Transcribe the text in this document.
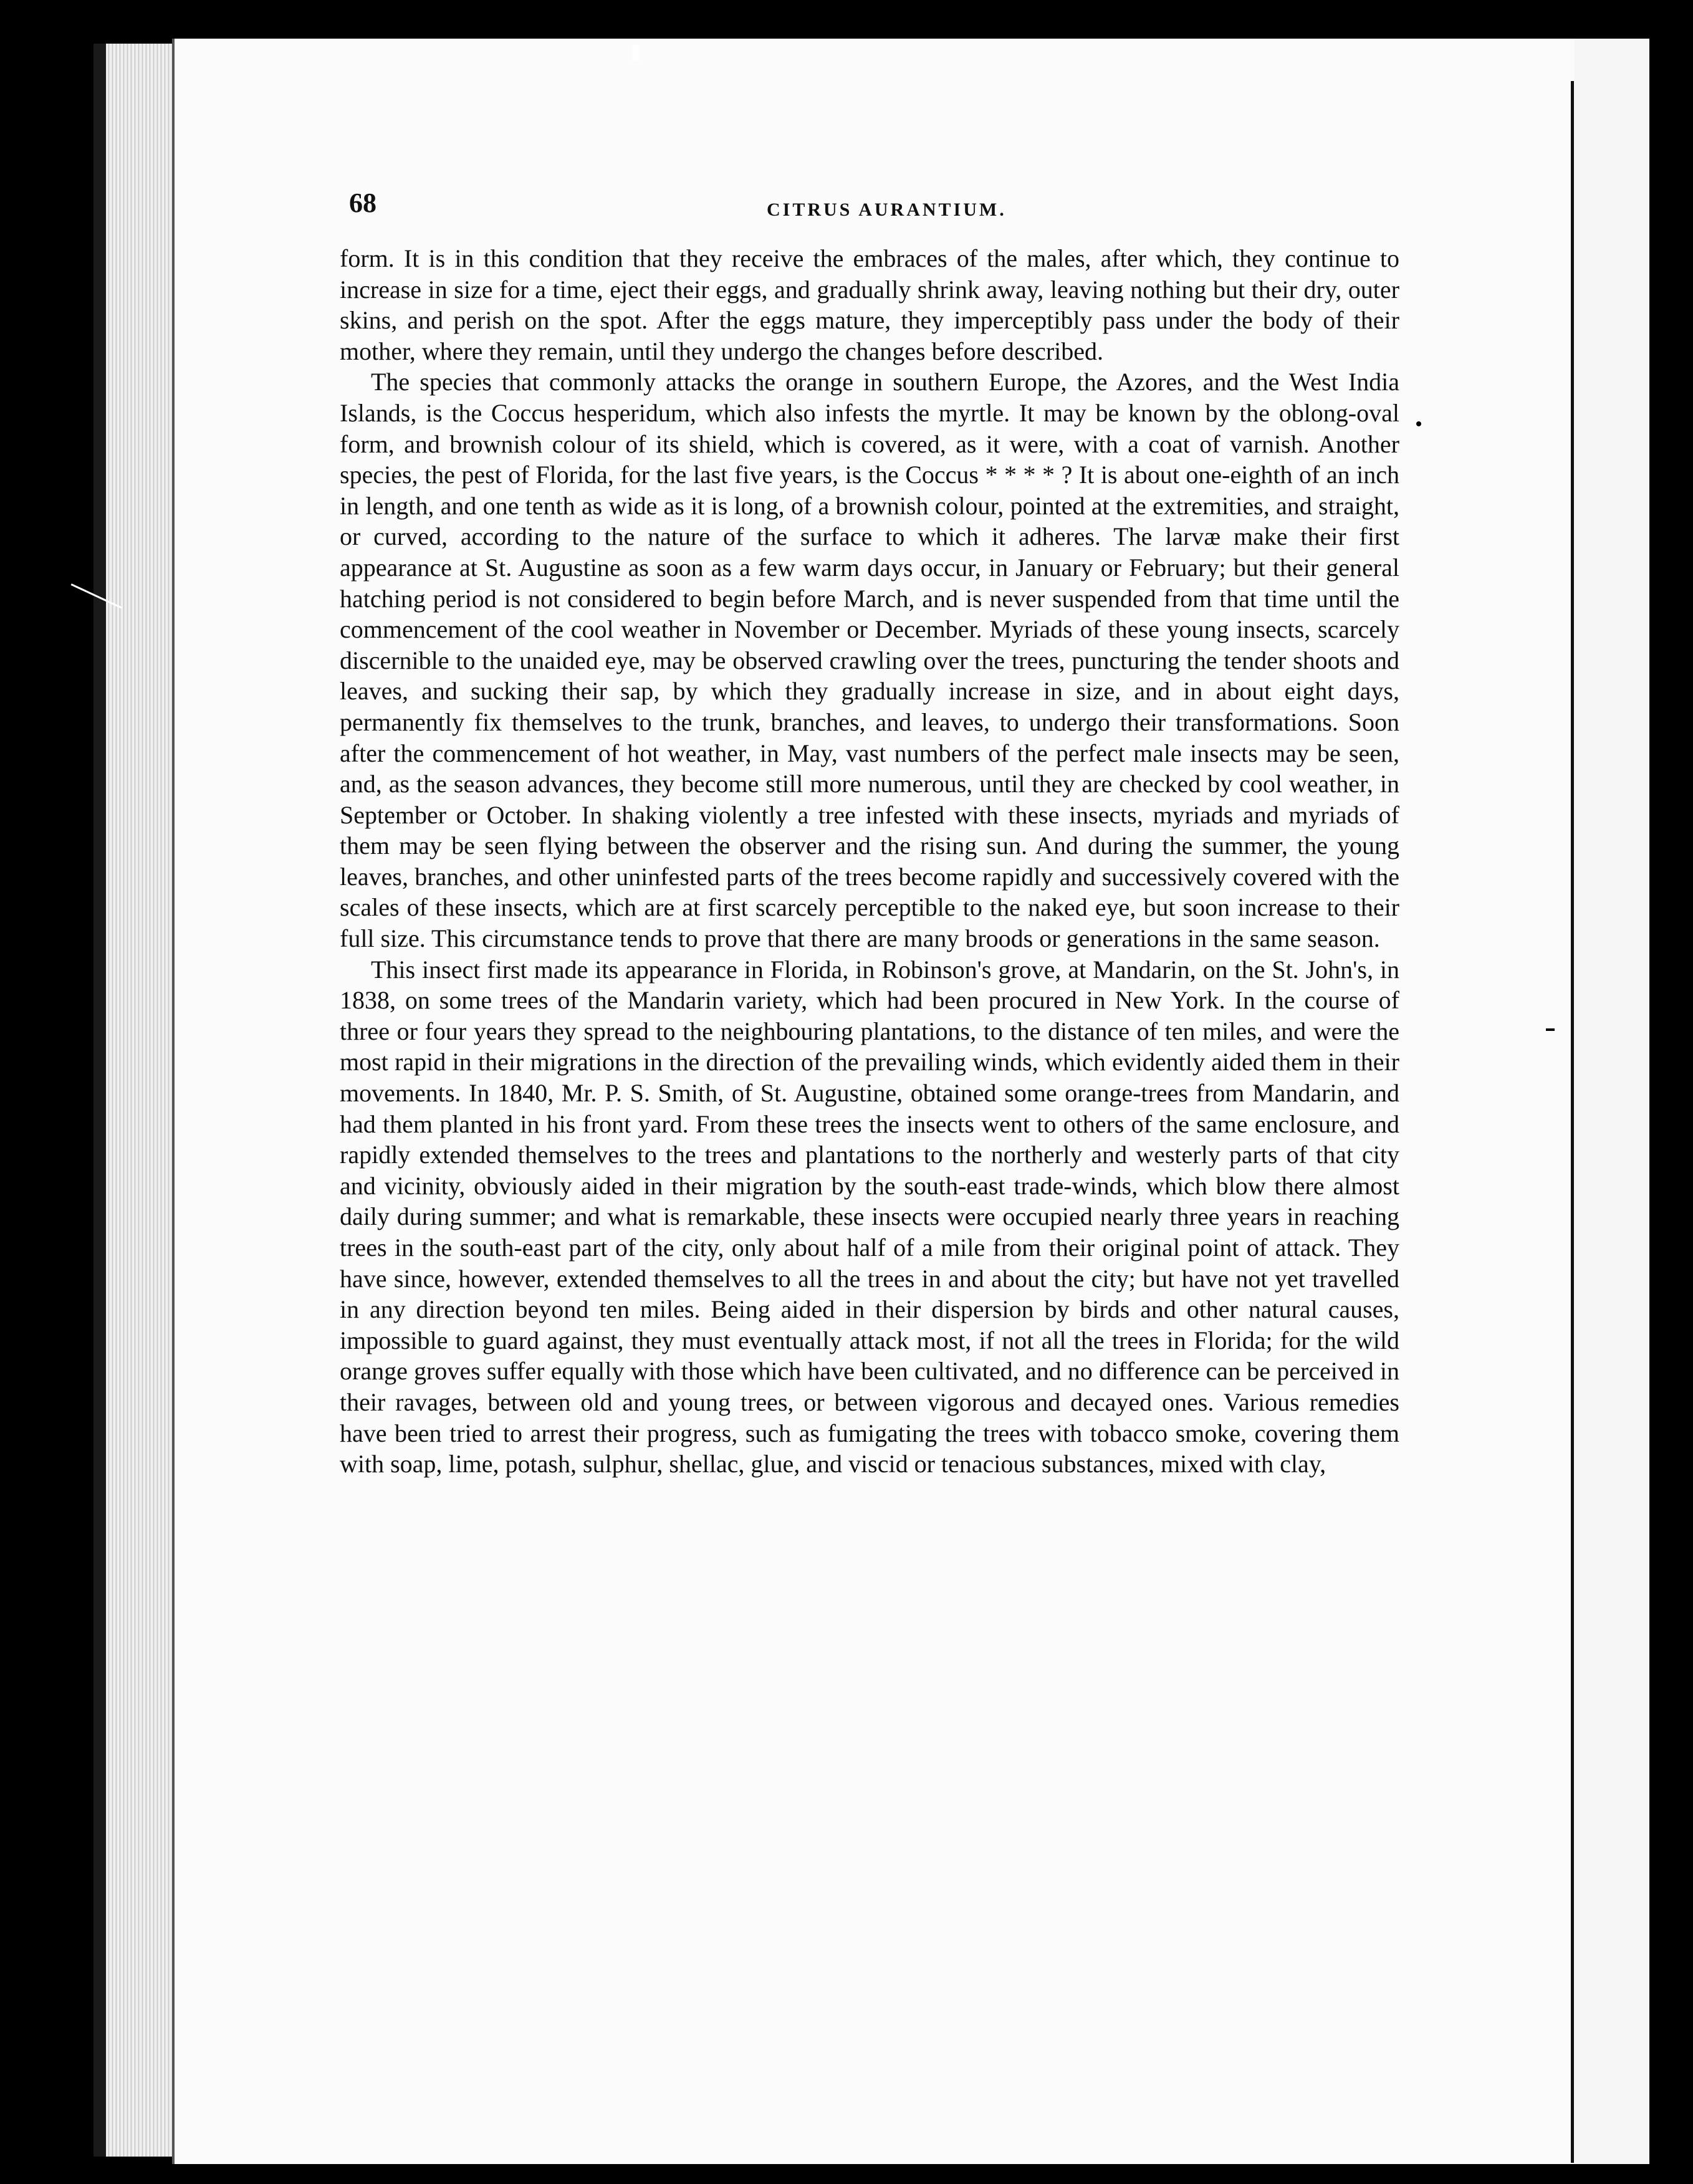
68	CITRUS AURANTIUM.

form. It is in this condition that they receive the embraces of the males, after which, they continue to increase in size for a time, eject their eggs, and gradually shrink away, leaving nothing but their dry, outer skins, and perish on the spot. After the eggs mature, they imperceptibly pass under the body of their mother, where they remain, until they undergo the changes before described.

The species that commonly attacks the orange in southern Europe, the Azores, and the West India Islands, is the Coccus hesperidum, which also infests the myrtle. It may be known by the oblong-oval form, and brownish colour of its shield, which is covered, as it were, with a coat of varnish. Another species, the pest of Florida, for the last five years, is the Coccus * * * * ? It is about one-eighth of an inch in length, and one tenth as wide as it is long, of a brownish colour, pointed at the extremities, and straight, or curved, according to the nature of the surface to which it adheres. The larvæ make their first appearance at St. Augustine as soon as a few warm days occur, in January or February; but their general hatching period is not considered to begin before March, and is never suspended from that time until the commencement of the cool weather in November or December. Myriads of these young insects, scarcely discernible to the unaided eye, may be observed crawling over the trees, puncturing the tender shoots and leaves, and sucking their sap, by which they gradually increase in size, and in about eight days, permanently fix themselves to the trunk, branches, and leaves, to undergo their transformations. Soon after the commencement of hot weather, in May, vast numbers of the perfect male insects may be seen, and, as the season advances, they become still more numerous, until they are checked by cool weather, in September or October. In shaking violently a tree infested with these insects, myriads and myriads of them may be seen flying between the observer and the rising sun. And during the summer, the young leaves, branches, and other uninfested parts of the trees become rapidly and successively covered with the scales of these insects, which are at first scarcely perceptible to the naked eye, but soon increase to their full size. This circumstance tends to prove that there are many broods or generations in the same season.

This insect first made its appearance in Florida, in Robinson's grove, at Mandarin, on the St. John's, in 1838, on some trees of the Mandarin variety, which had been procured in New York. In the course of three or four years they spread to the neighbouring plantations, to the distance of ten miles, and were the most rapid in their migrations in the direction of the prevailing winds, which evidently aided them in their movements. In 1840, Mr. P. S. Smith, of St. Augustine, obtained some orange-trees from Mandarin, and had them planted in his front yard. From these trees the insects went to others of the same enclosure, and rapidly extended themselves to the trees and plantations to the northerly and westerly parts of that city and vicinity, obviously aided in their migration by the south-east trade-winds, which blow there almost daily during summer; and what is remarkable, these insects were occupied nearly three years in reaching trees in the south-east part of the city, only about half of a mile from their original point of attack. They have since, however, extended themselves to all the trees in and about the city; but have not yet travelled in any direction beyond ten miles. Being aided in their dispersion by birds and other natural causes, impossible to guard against, they must eventually attack most, if not all the trees in Florida; for the wild orange groves suffer equally with those which have been cultivated, and no difference can be perceived in their ravages, between old and young trees, or between vigorous and decayed ones. Various remedies have been tried to arrest their progress, such as fumigating the trees with tobacco smoke, covering them with soap, lime, potash, sulphur, shellac, glue, and viscid or tenacious substances, mixed with clay,
